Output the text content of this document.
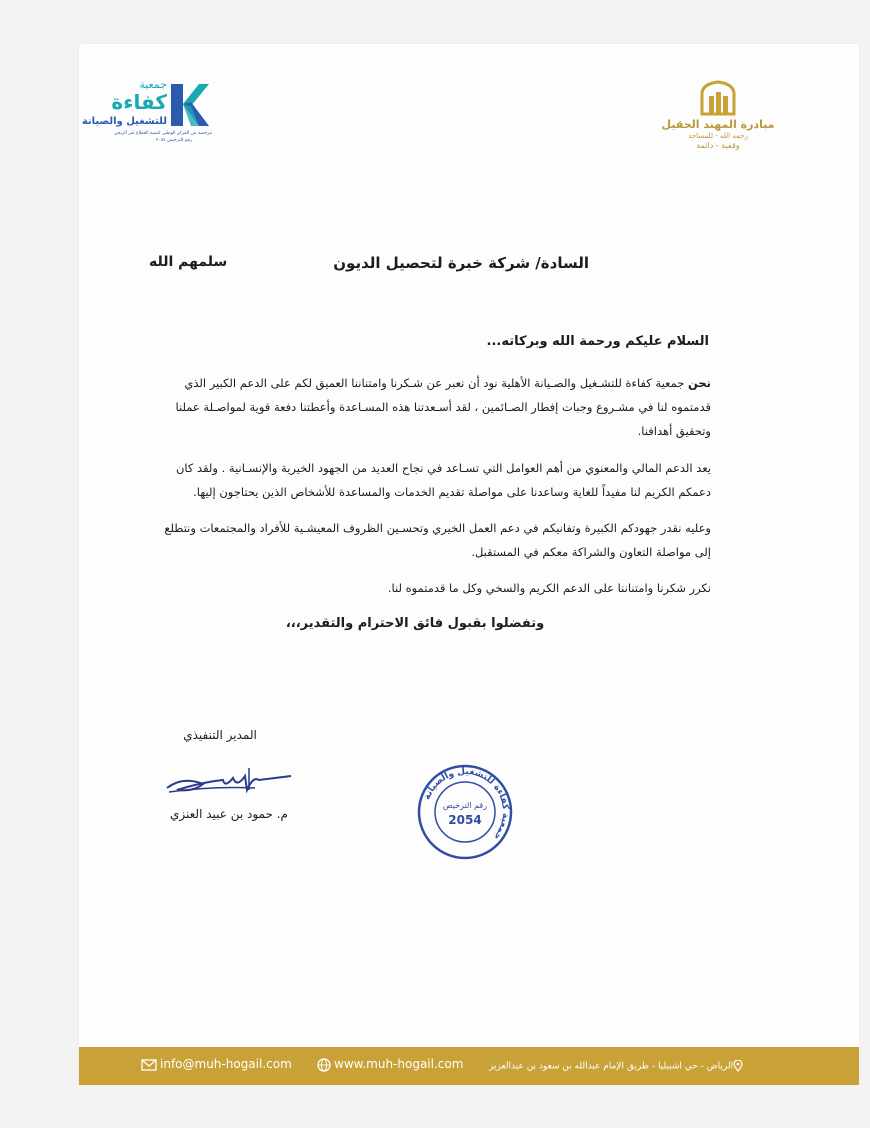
مبادرة المهند الحقيل
رحمه الله - للمساجد
وقفية - دائمة
جمعية
كفاءة
للتشغيل والصيانة
مرخصة من المركز الوطني لتنمية القطاع غير الربحي
رقم الترخيص ٢٠٥٤
السادة/ شركة خبرة لتحصيل الديون
سلمهم الله
السلام عليكم ورحمة الله وبركاته...
نحن جمعية كفاءة للتشـغيل والصـيانة الأهلية نود أن نعبر عن شـكرنا وامتناننا العميق لكم على الدعم الكبير الذي قدمتموه لنا في مشـروع وجبات إفطار الصـائمين ، لقد أسـعدتنا هذه المسـاعدة وأعطتنا دفعة قوية لمواصـلة عملنا وتحقيق أهدافنا.
يعد الدعم المالي والمعنوي من أهم العوامل التي تسـاعد في نجاح العديد من الجهود الخيرية والإنسـانية . ولقد كان دعمكم الكريم لنا مفيداً للغاية وساعدنا على مواصلة تقديم الخدمات والمساعدة للأشخاص الذين يحتاجون إليها.
وعليه نقدر جهودكم الكبيرة وتفانيكم في دعم العمل الخيري وتحسـين الظروف المعيشـية للأفراد والمجتمعات ونتطلع إلى مواصلة التعاون والشراكة معكم في المستقبل.
نكرر شكرنا وامتناننا على الدعم الكريم والسخي وكل ما قدمتموه لنا.
وتفضلوا بقبول فائق الاحترام والتقدير،،،
المدير التنفيذي
م. حمود بن عبيد العنزي
جمعية كفاءة للتشغيل والصيانة
رقم الترخيص
2054
info@muh-hogail.com	www.muh-hogail.com	الرياض - حي اشبيليا - طريق الإمام عبدالله بن سعود بن عبدالعزيز
